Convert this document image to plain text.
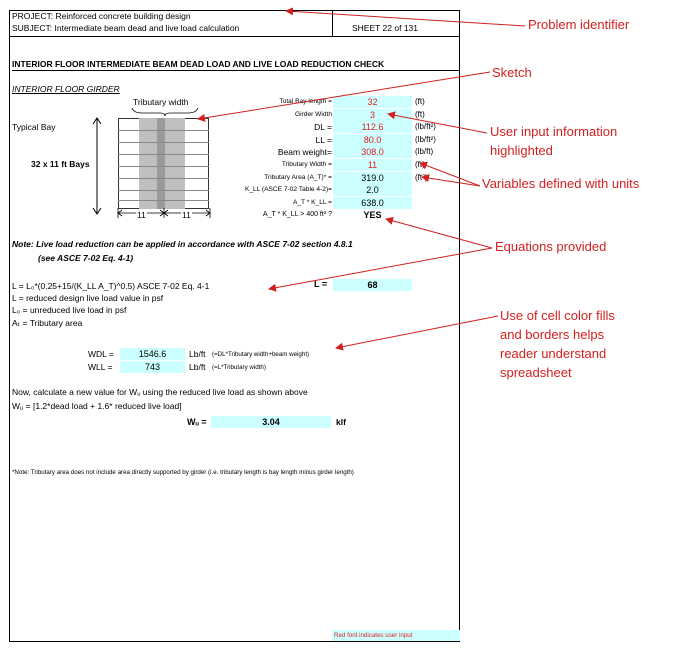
PROJECT: Reinforced concrete building design
SUBJECT: Intermediate beam dead and live load calculation	SHEET 22 of 131
INTERIOR FLOOR INTERMEDIATE BEAM DEAD LOAD AND LIVE LOAD REDUCTION CHECK
INTERIOR FLOOR GIRDER
Tributary width
Typical Bay
32 x 11 ft Bays
11	11
Total Bay length =	32	(ft)
Girder Width	3	(ft)
DL =	112.6	(lb/ft²)
LL =	80.0	(lb/ft²)
Beam weight=	308.0	(lb/ft)
Tributary Width =	11	(ft)
Tributary Area (A_T)* =	319.0	(ft²)
K_LL (ASCE 7-02 Table 4-2)=	2.0
A_T * K_LL =	638.0
A_T * K_LL > 400 ft² ?	YES
Note: Live load reduction can be applied in accordance with ASCE 7-02 section 4.8.1
(see ASCE 7-02 Eq. 4-1)
L = L₀*(0.25+15/(K_LL A_T)^0.5) ASCE 7-02 Eq. 4-1
L = reduced design live load value in psf
L₀ = unreduced live load in psf
Aₜ = Tributary area
L =	68
WDL =	1546.6	Lb/ft (=DL*Tributary width+beam weight)
WLL =	743	Lb/ft (=L*Tributary width)
Now, calculate a new value for Wᵤ using the reduced live load as shown above
Wᵤ = [1.2*dead load + 1.6* reduced live load]
Wᵤ =	3.04	klf
*Note: Tributary area does not include area directly supported by girder (i.e. tributary length is bay length minus girder length)
Red font indicates user input
Problem identifier
Sketch
User input information highlighted
Variables defined with units
Equations provided
Use of cell color fills and borders helps reader understand spreadsheet
